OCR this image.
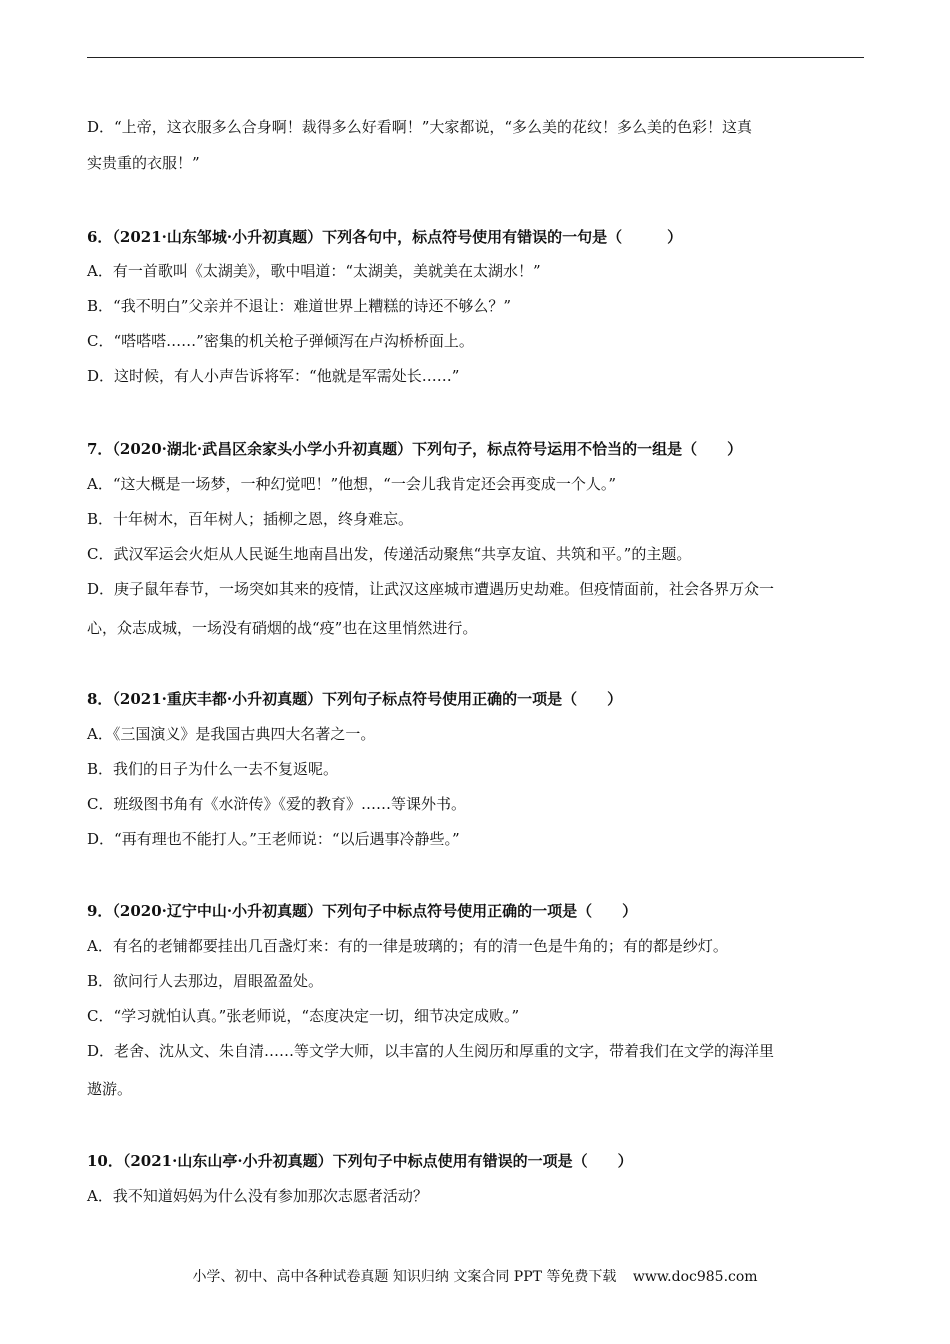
D．“上帝，这衣服多么合身啊！裁得多么好看啊！”大家都说，“多么美的花纹！多么美的色彩！这真
实贵重的衣服！”
6．（2021·山东邹城·小升初真题）下列各句中，标点符号使用有错误的一句是（　　　）
A．有一首歌叫《太湖美》，歌中唱道：“太湖美，美就美在太湖水！”
B．“我不明白”父亲并不退让：难道世界上糟糕的诗还不够么？”
C．“嗒嗒嗒……”密集的机关枪子弹倾泻在卢沟桥桥面上。
D．这时候，有人小声告诉将军：“他就是军需处长……”
7．（2020·湖北·武昌区余家头小学小升初真题）下列句子，标点符号运用不恰当的一组是（　　）
A．“这大概是一场梦，一种幻觉吧！”他想，“一会儿我肯定还会再变成一个人。”
B．十年树木，百年树人；插柳之恩，终身难忘。
C．武汉军运会火炬从人民诞生地南昌出发，传递活动聚焦“共享友谊、共筑和平。”的主题。
D．庚子鼠年春节，一场突如其来的疫情，让武汉这座城市遭遇历史劫难。但疫情面前，社会各界万众一
心，众志成城，一场没有硝烟的战“疫”也在这里悄然进行。
8．（2021·重庆丰都·小升初真题）下列句子标点符号使用正确的一项是（　　）
A．《三国演义》是我国古典四大名著之一。
B．我们的日子为什么一去不复返呢。
C．班级图书角有《水浒传》《爱的教育》……等课外书。
D．“再有理也不能打人。”王老师说：“以后遇事冷静些。”
9．（2020·辽宁中山·小升初真题）下列句子中标点符号使用正确的一项是（　　）
A．有名的老铺都要挂出几百盏灯来：有的一律是玻璃的；有的清一色是牛角的；有的都是纱灯。
B．欲问行人去那边，眉眼盈盈处。
C．“学习就怕认真。”张老师说，“态度决定一切，细节决定成败。”
D．老舍、沈从文、朱自清……等文学大师，以丰富的人生阅历和厚重的文字，带着我们在文学的海洋里
遨游。
10．（2021·山东山亭·小升初真题）下列句子中标点使用有错误的一项是（　　）
A．我不知道妈妈为什么没有参加那次志愿者活动？
小学、初中、高中各种试卷真题 知识归纳 文案合同 PPT 等免费下载 www.doc985.com
